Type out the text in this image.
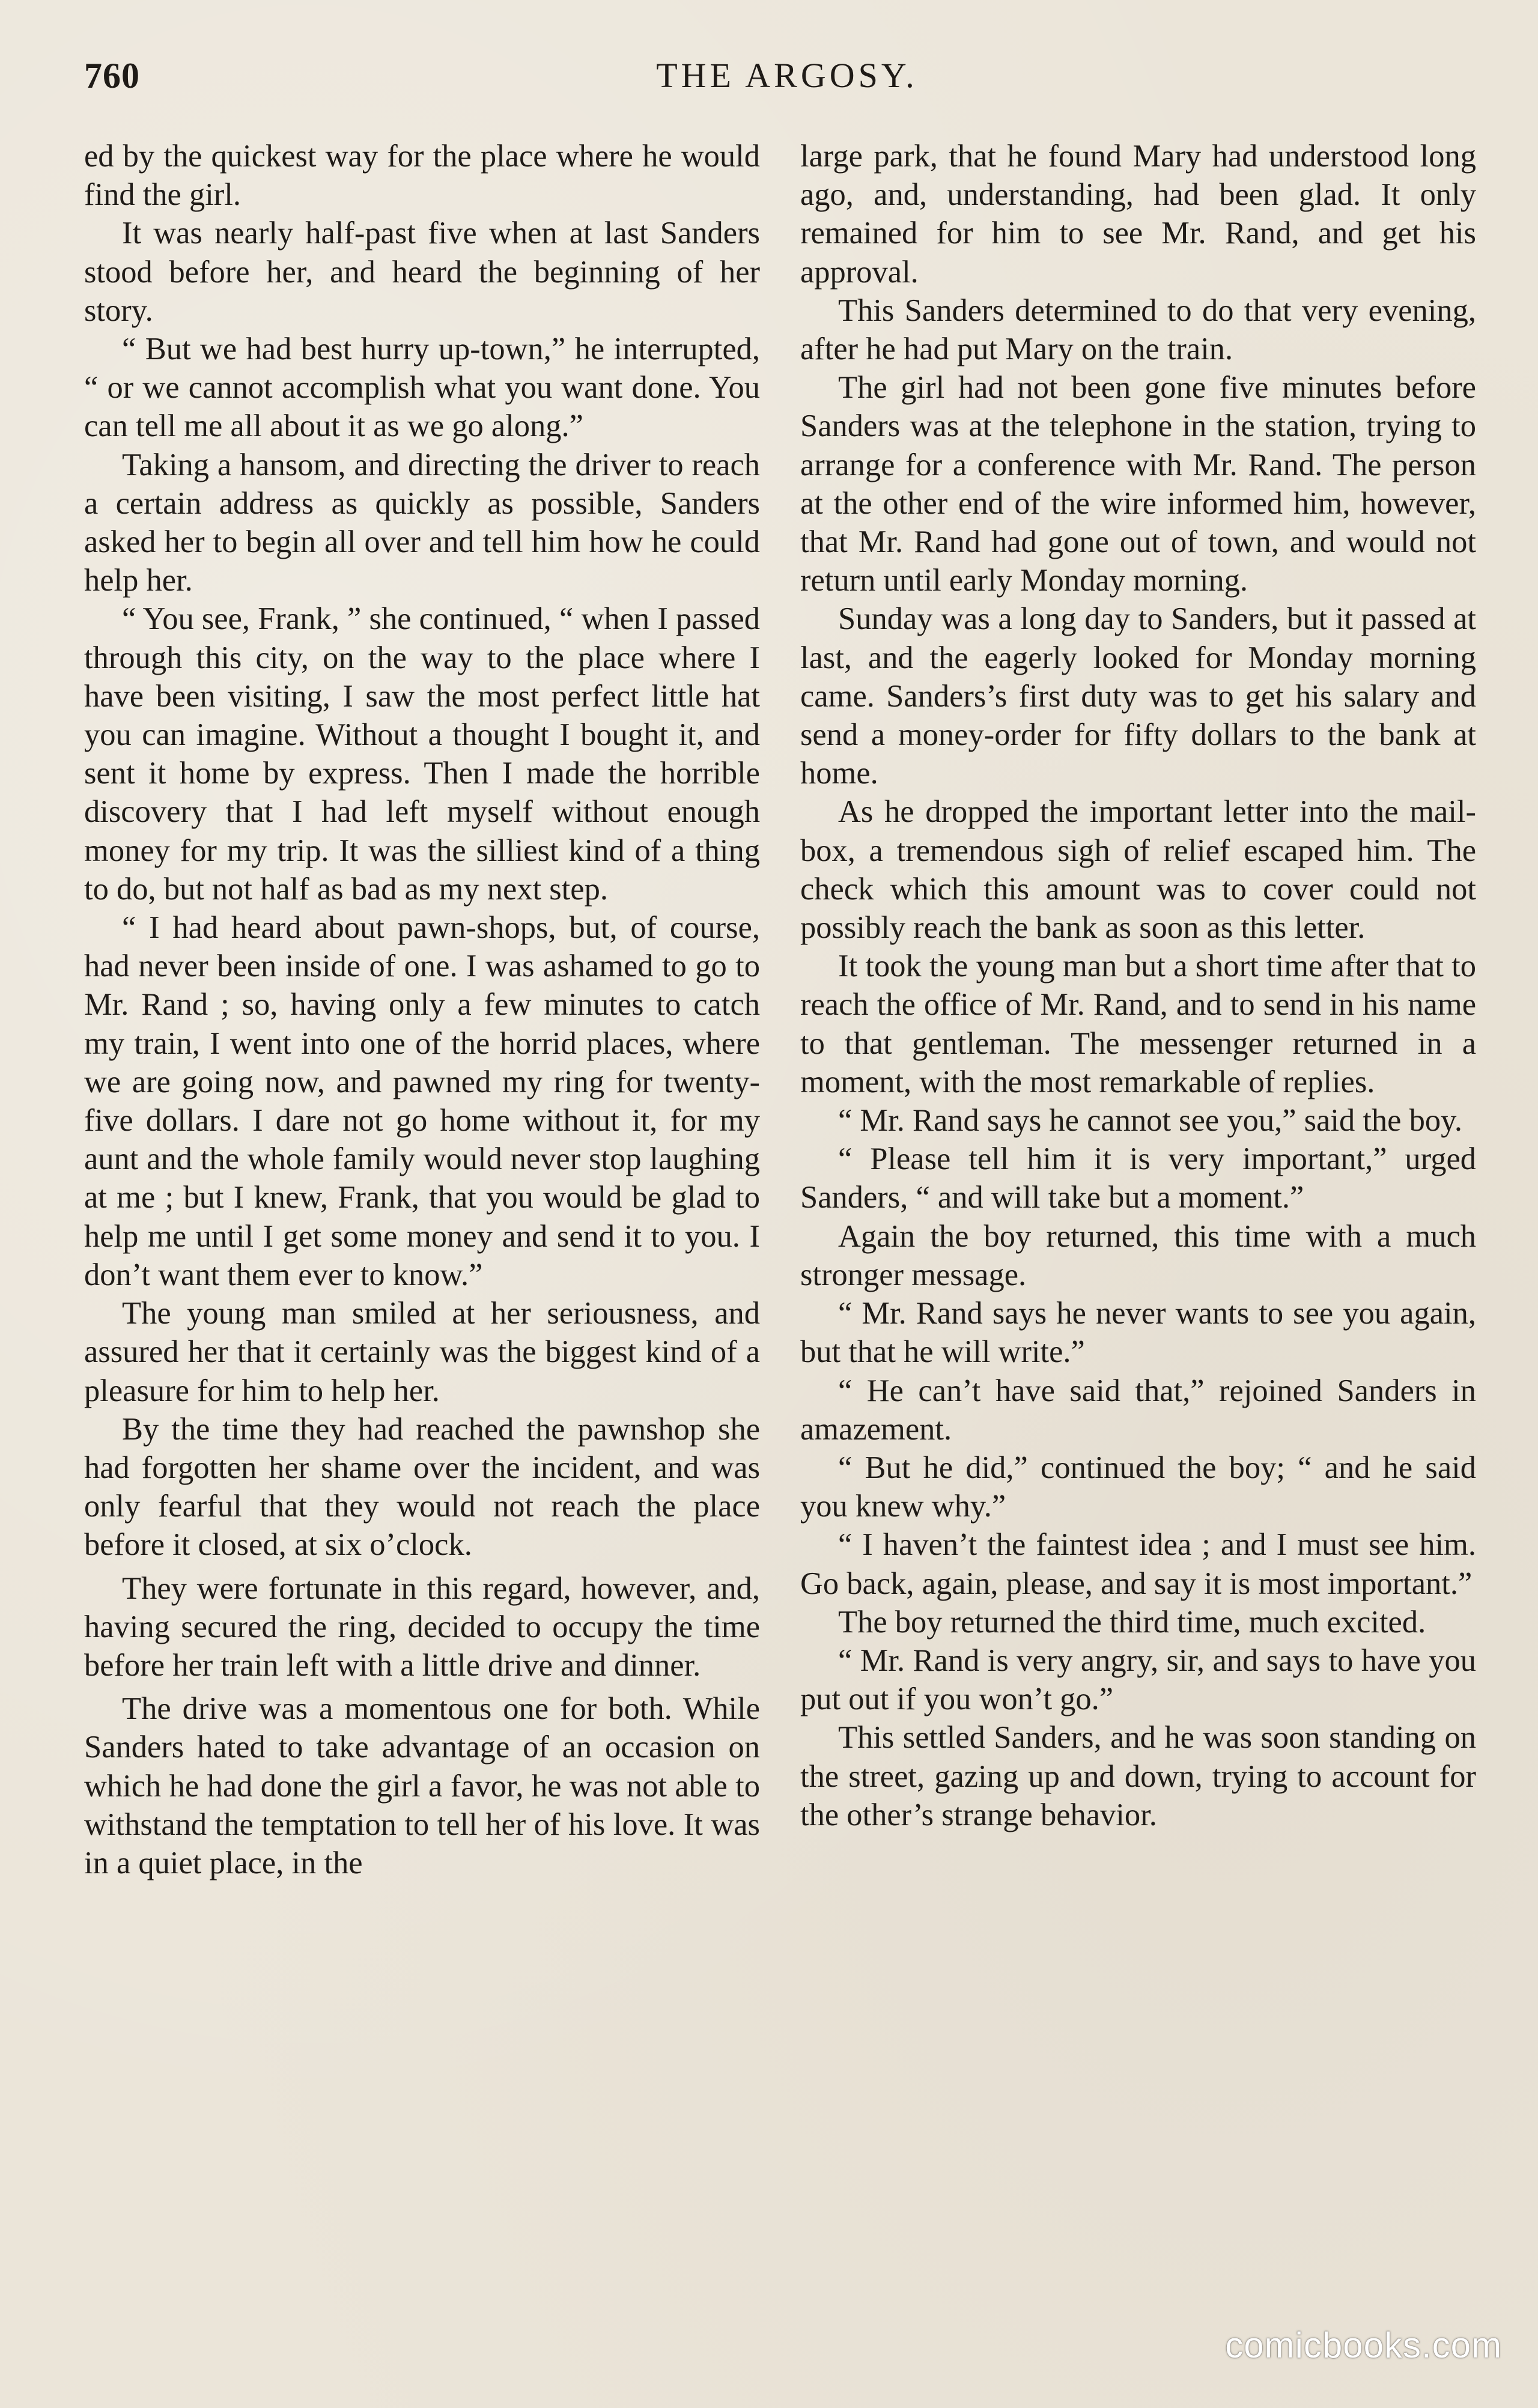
760	THE ARGOSY.

ed by the quickest way for the place where he would find the girl.

It was nearly half-past five when at last Sanders stood before her, and heard the beginning of her story.

“ But we had best hurry up-town,” he interrupted, “ or we cannot accomplish what you want done. You can tell me all about it as we go along.”

Taking a hansom, and directing the driver to reach a certain address as quickly as possible, Sanders asked her to begin all over and tell him how he could help her.

“ You see, Frank, ” she continued, “ when I passed through this city, on the way to the place where I have been visiting, I saw the most perfect little hat you can imagine. Without a thought I bought it, and sent it home by express. Then I made the horrible discovery that I had left myself without enough money for my trip. It was the silliest kind of a thing to do, but not half as bad as my next step.

“ I had heard about pawn-shops, but, of course, had never been inside of one. I was ashamed to go to Mr. Rand ; so, having only a few minutes to catch my train, I went into one of the horrid places, where we are going now, and pawned my ring for twenty-five dollars. I dare not go home without it, for my aunt and the whole family would never stop laughing at me ; but I knew, Frank, that you would be glad to help me until I get some money and send it to you. I don’t want them ever to know.”

The young man smiled at her seriousness, and assured her that it certainly was the biggest kind of a pleasure for him to help her.

By the time they had reached the pawnshop she had forgotten her shame over the incident, and was only fearful that they would not reach the place before it closed, at six o’clock.

They were fortunate in this regard, however, and, having secured the ring, decided to occupy the time before her train left with a little drive and dinner.

The drive was a momentous one for both. While Sanders hated to take advantage of an occasion on which he had done the girl a favor, he was not able to withstand the temptation to tell her of his love. It was in a quiet place, in the

large park, that he found Mary had understood long ago, and, understanding, had been glad. It only remained for him to see Mr. Rand, and get his approval.

This Sanders determined to do that very evening, after he had put Mary on the train.

The girl had not been gone five minutes before Sanders was at the telephone in the station, trying to arrange for a conference with Mr. Rand. The person at the other end of the wire informed him, however, that Mr. Rand had gone out of town, and would not return until early Monday morning.

Sunday was a long day to Sanders, but it passed at last, and the eagerly looked for Monday morning came. Sanders’s first duty was to get his salary and send a money-order for fifty dollars to the bank at home.

As he dropped the important letter into the mail-box, a tremendous sigh of relief escaped him. The check which this amount was to cover could not possibly reach the bank as soon as this letter.

It took the young man but a short time after that to reach the office of Mr. Rand, and to send in his name to that gentleman. The messenger returned in a moment, with the most remarkable of replies.

“ Mr. Rand says he cannot see you,” said the boy.

“ Please tell him it is very important,” urged Sanders, “ and will take but a moment.”

Again the boy returned, this time with a much stronger message.

“ Mr. Rand says he never wants to see you again, but that he will write.”

“ He can’t have said that,” rejoined Sanders in amazement.

“ But he did,” continued the boy; “ and he said you knew why.”

“ I haven’t the faintest idea ; and I must see him. Go back, again, please, and say it is most important.”

The boy returned the third time, much excited.

“ Mr. Rand is very angry, sir, and says to have you put out if you won’t go.”

This settled Sanders, and he was soon standing on the street, gazing up and down, trying to account for the other’s strange behavior.

comicbooks.com
